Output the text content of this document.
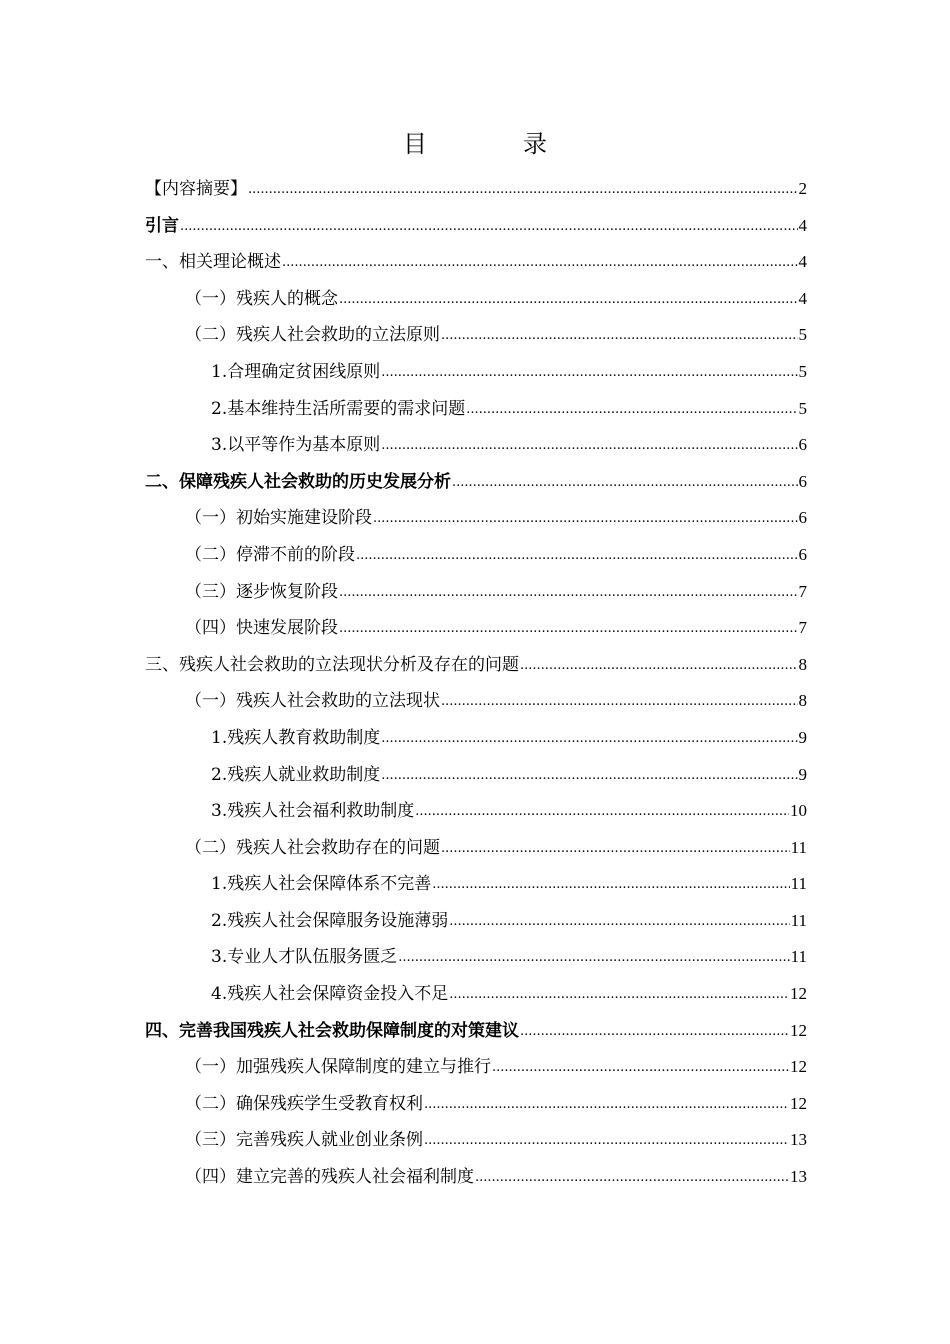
目	录
【内容摘要】 .....	2
引言 .....	4
一、相关理论概述 .....	4
（一）残疾人的概念 .....	4
（二）残疾人社会救助的立法原则 .....	5
1.合理确定贫困线原则 .....	5
2.基本维持生活所需要的需求问题 .....	5
3.以平等作为基本原则 .....	6
二、保障残疾人社会救助的历史发展分析 .....	6
（一）初始实施建设阶段 .....	6
（二）停滞不前的阶段 .....	6
（三）逐步恢复阶段 .....	7
（四）快速发展阶段 .....	7
三、残疾人社会救助的立法现状分析及存在的问题 .....	8
（一）残疾人社会救助的立法现状 .....	8
1.残疾人教育救助制度 .....	9
2.残疾人就业救助制度 .....	9
3.残疾人社会福利救助制度 .....	10
（二）残疾人社会救助存在的问题 .....	11
1.残疾人社会保障体系不完善 .....	11
2.残疾人社会保障服务设施薄弱 .....	11
3.专业人才队伍服务匮乏 .....	11
4.残疾人社会保障资金投入不足 .....	12
四、完善我国残疾人社会救助保障制度的对策建议 .....	12
（一）加强残疾人保障制度的建立与推行 .....	12
（二）确保残疾学生受教育权利 .....	12
（三）完善残疾人就业创业条例 .....	13
（四）建立完善的残疾人社会福利制度 .....	13
